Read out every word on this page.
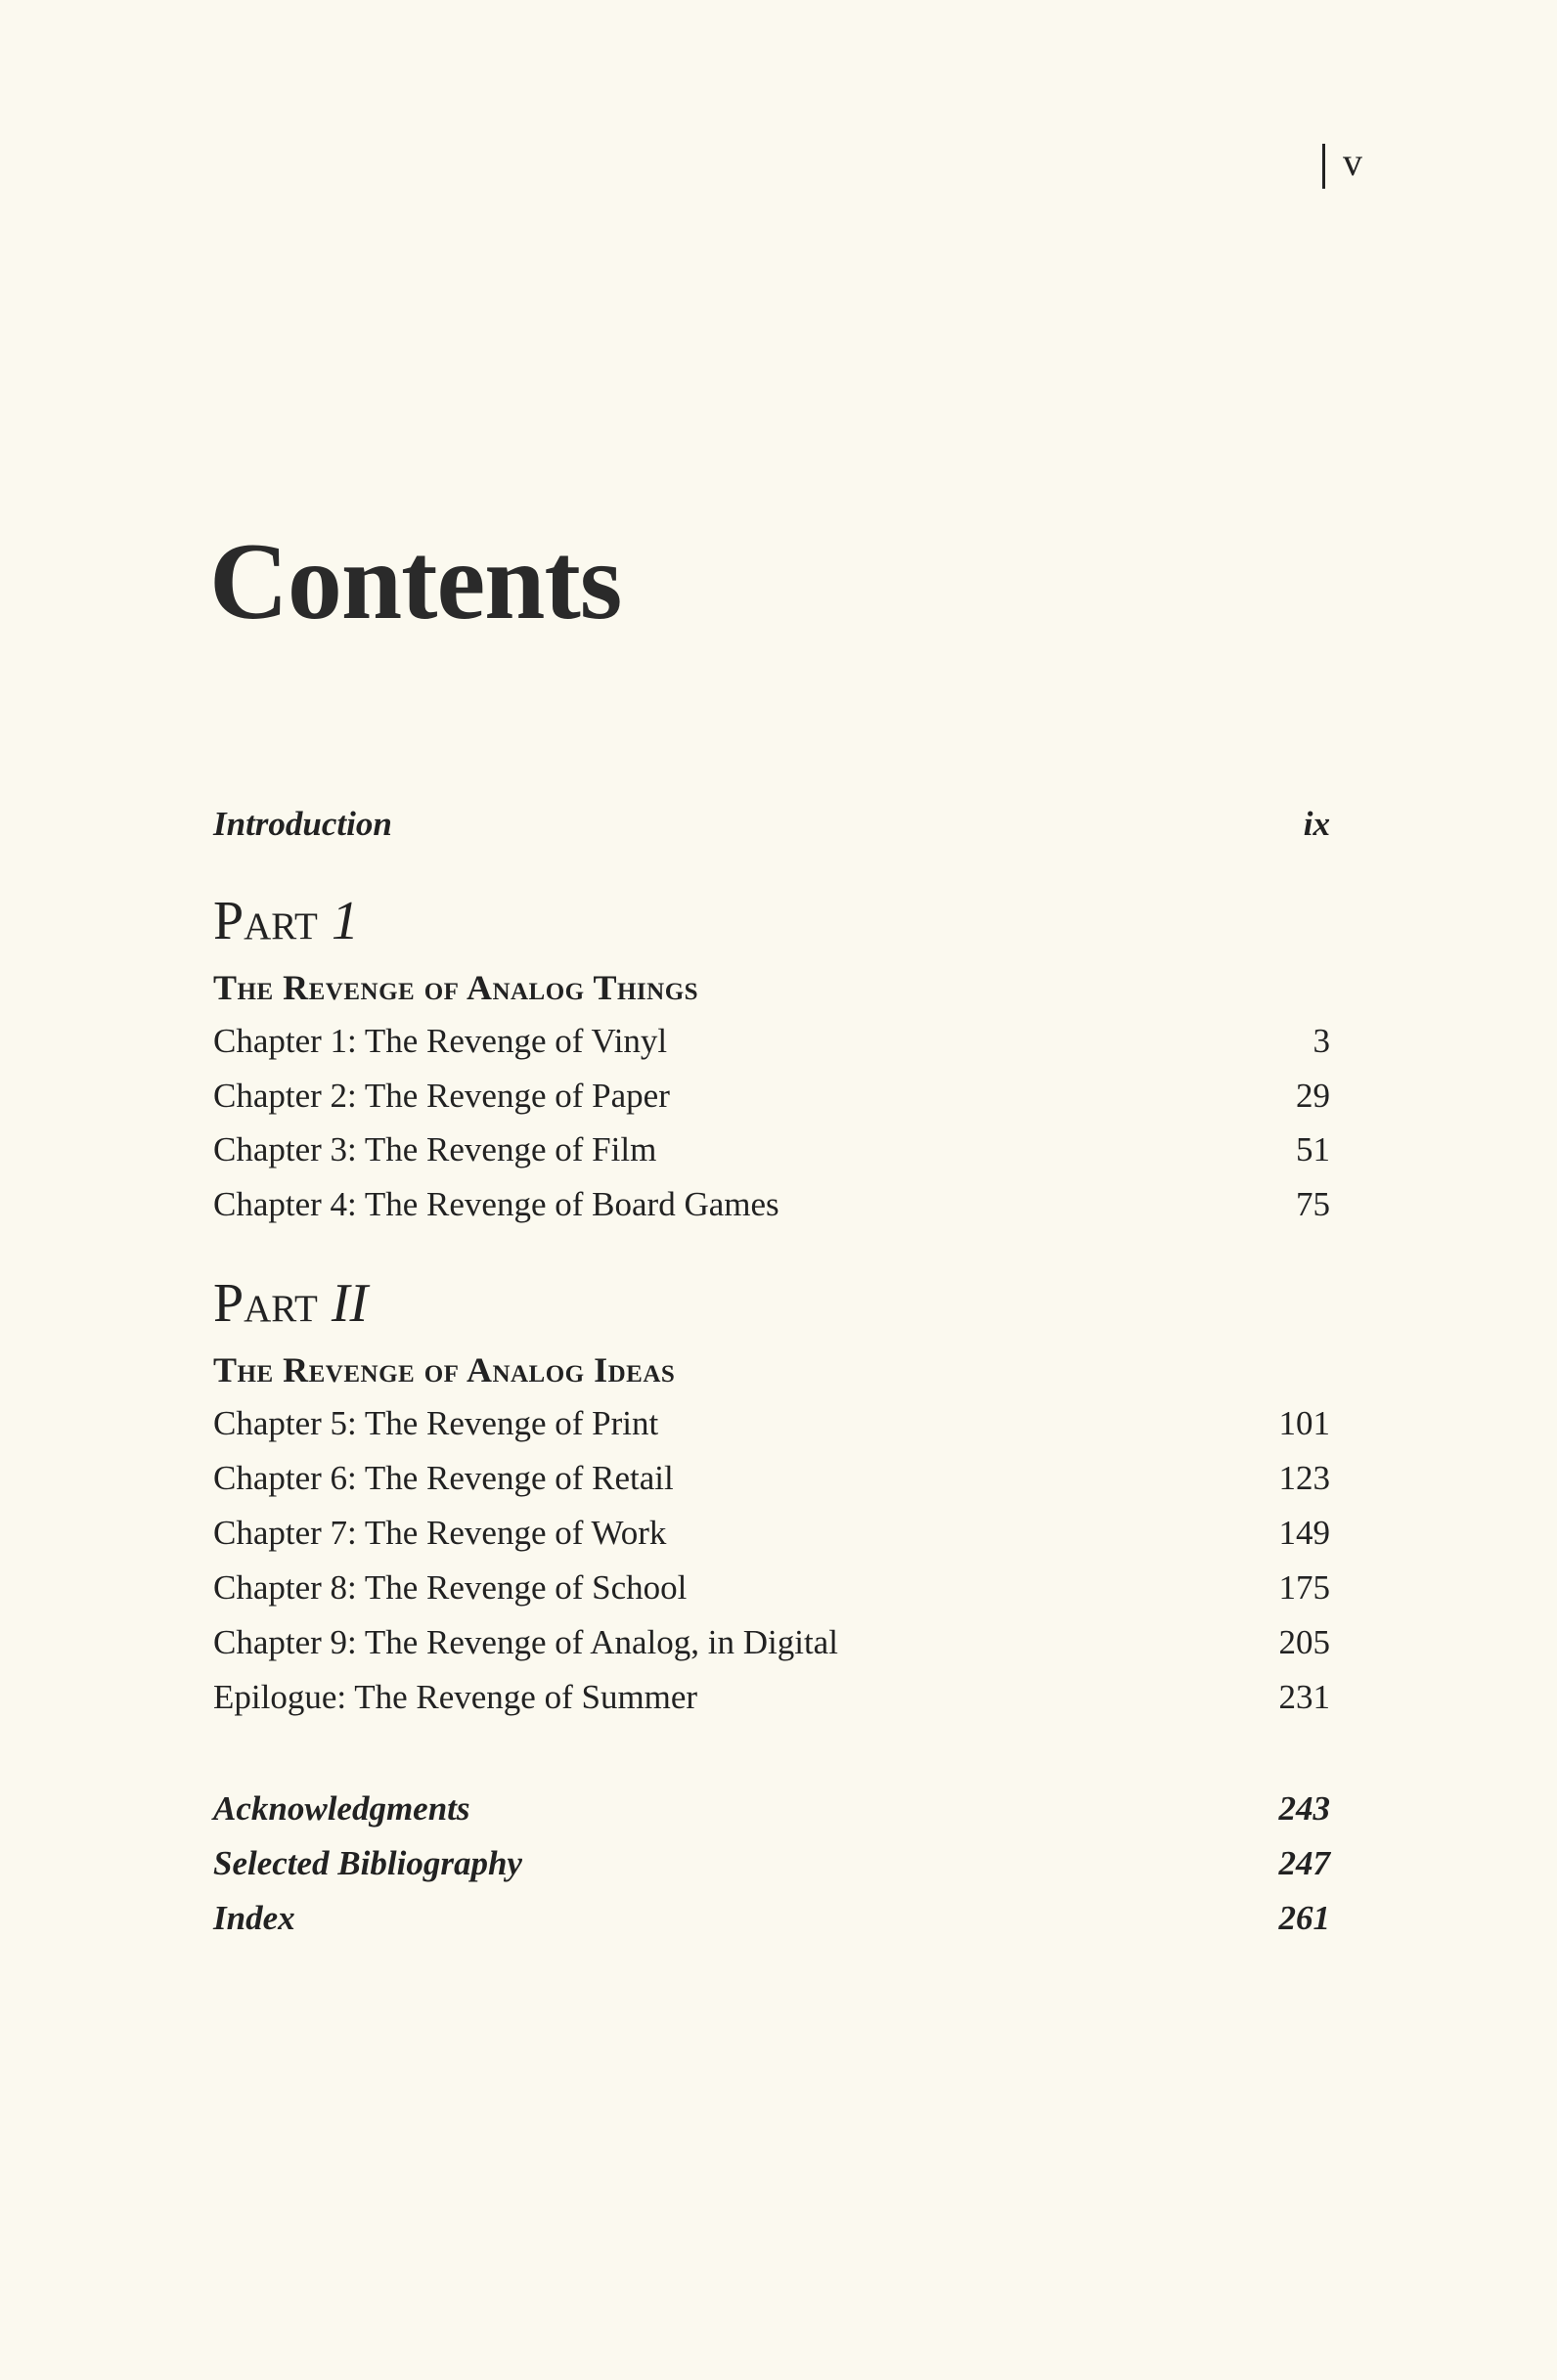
v
Contents
Introduction	ix
Part 1
The Revenge of Analog Things
Chapter 1: The Revenge of Vinyl	3
Chapter 2: The Revenge of Paper	29
Chapter 3: The Revenge of Film	51
Chapter 4: The Revenge of Board Games	75
Part II
The Revenge of Analog Ideas
Chapter 5: The Revenge of Print	101
Chapter 6: The Revenge of Retail	123
Chapter 7: The Revenge of Work	149
Chapter 8: The Revenge of School	175
Chapter 9: The Revenge of Analog, in Digital	205
Epilogue: The Revenge of Summer	231
Acknowledgments	243
Selected Bibliography	247
Index	261
